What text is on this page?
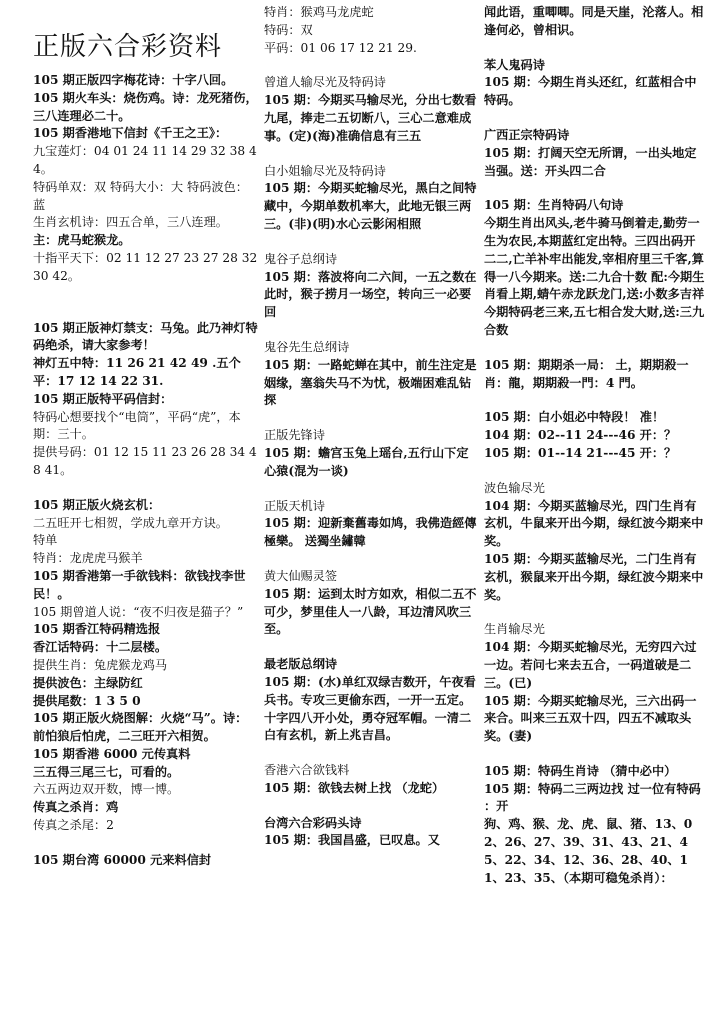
正版六合彩资料

105 期正版四字梅花诗：十字八回。

105 期火车头：烧伤鸡。诗：龙死猪伤，三八连理必二十。

105 期香港地下信封《千王之王》：

九宝莲灯：04 01 24 11 14 29 32 38 44。

特码单双：双 特码大小：大 特码波色：蓝

生肖玄机诗：四五合单，三八连理。

主：虎马蛇猴龙。

十指平天下：02 11 12 27 23 27 28 32 30 42。

105 期正版神灯禁支：马兔。此乃神灯特码绝杀，请大家参考！

神灯五中特：11 26 21 42 49 .五个平：17 12 14 22 31.

105 期正版特平码信封：

特码心想要找个“电筒”，平码“虎”，本期：三十。

提供号码：01 12 15 11 23 26 28 34 48 41。

105 期正版火烧玄机：

二五旺开七相贺，学成九章开方诀。

特单

特肖：龙虎虎马猴羊

105 期香港第一手欲钱料：欲钱找李世民！。

105 期曾道人说：“夜不归夜是猫子？”

105 期香江特码精选报

香江话特码：十二层楼。

提供生肖：兔虎猴龙鸡马

提供波色：主绿防红

提供尾数：1 3 5 0

105 期正版火烧图解：火烧“马”。诗：前怕狼后怕虎，二三旺开六相贺。

105 期香港 6000 元传真料

三五得三尾三七，可看的。

六五两边双开数，博一博。

传真之杀肖：鸡

传真之杀尾：2

105 期台湾 60000 元来料信封

特肖：猴鸡马龙虎蛇

特码：双

平码：01 06 17 12 21 29.

曾道人输尽光及特码诗

105 期：今期买马输尽光，分出七数看九尾，捧走二五切断八，三心二意难成事。(定)(海)准确信息有三五

白小姐输尽光及特码诗

105 期：今期买蛇输尽光，黑白之间特藏中，今期单数机率大，此地无银三两三。(非)(明)水心云影闲相照

鬼谷子总纲诗

105 期：落波将向二六间，一五之数在此时，猴子捞月一场空，转向三一必要回

鬼谷先生总纲诗

105 期：一路蛇蝉在其中，前生注定是姻缘，塞翁失马不为忧，极端困难乱钻探

正版先锋诗

105 期：蟾宫玉兔上瑶台,五行山下定心猿(混为一谈)

正版天机诗

105 期：迎新棄舊毒如鸠，我佛造經傳極樂。 送獨坐鏽韓

黄大仙赐灵签

105 期：运到太时方如欢，相似二五不可少，梦里佳人一八龄，耳边清风吹三至。

最老版总纲诗

105 期：(水)单红双绿吉数开，午夜看兵书。专攻三更偷东西，一开一五定。十字四八开小处，勇夺冠军帽。一清二白有玄机，新上兆吉昌。

香港六合欲钱料

105 期：欲钱去树上找 （龙蛇）

台湾六合彩码头诗

105 期：我国昌盛，已叹息。又

闻此语，重唧唧。同是天崖，沦落人。相逢何必，曾相识。

苯人鬼码诗

105 期：今期生肖头还红，红蓝相合中特码。

广西正宗特码诗

105 期：打阔天空无所谓，一出头地定当强。送：开头四二合

105 期：生肖特码八句诗

今期生肖出风头,老牛骑马倒着走,勤劳一生为农民,本期蓝红定出特。三四出码开二二,亡羊补牢出能发,宰相府里三千客,算得一八今期来。送:二九合十数 配:今期生肖看上期,蜻午赤龙跃龙门,送:小数多吉祥 今期特码老三来,五七相合发大财,送:三九合数

105 期：期期杀一局： 土，期期殺一肖：龍，期期殺一門：4 門。

105 期：白小姐必中特段！ 准！

104 期：02--11 24---46 开：？

105 期：01--14 21---45 开：？

波色输尽光

104 期：今期买蓝输尽光，四门生肖有玄机，牛鼠来开出今期，绿红波今期来中奖。

105 期：今期买蓝输尽光，二门生肖有玄机，猴鼠来开出今期，绿红波今期来中奖。

生肖输尽光

104 期：今期买蛇输尽光，无穷四六过一边。若问七来去五合，一码道破是二三。(已)

105 期：今期买蛇输尽光，三六出码一来合。叫来三五双十四，四五不减取头奖。(妻)

105 期：特码生肖诗 （猜中必中）

105 期：特码二三两边找 过一位有特码 ：开

狗、鸡、猴、龙、虎、鼠、猪、13、02、26、27、39、31、43、21、45、22、34、12、36、28、40、11、23、35、（本期可稳兔杀肖）：
